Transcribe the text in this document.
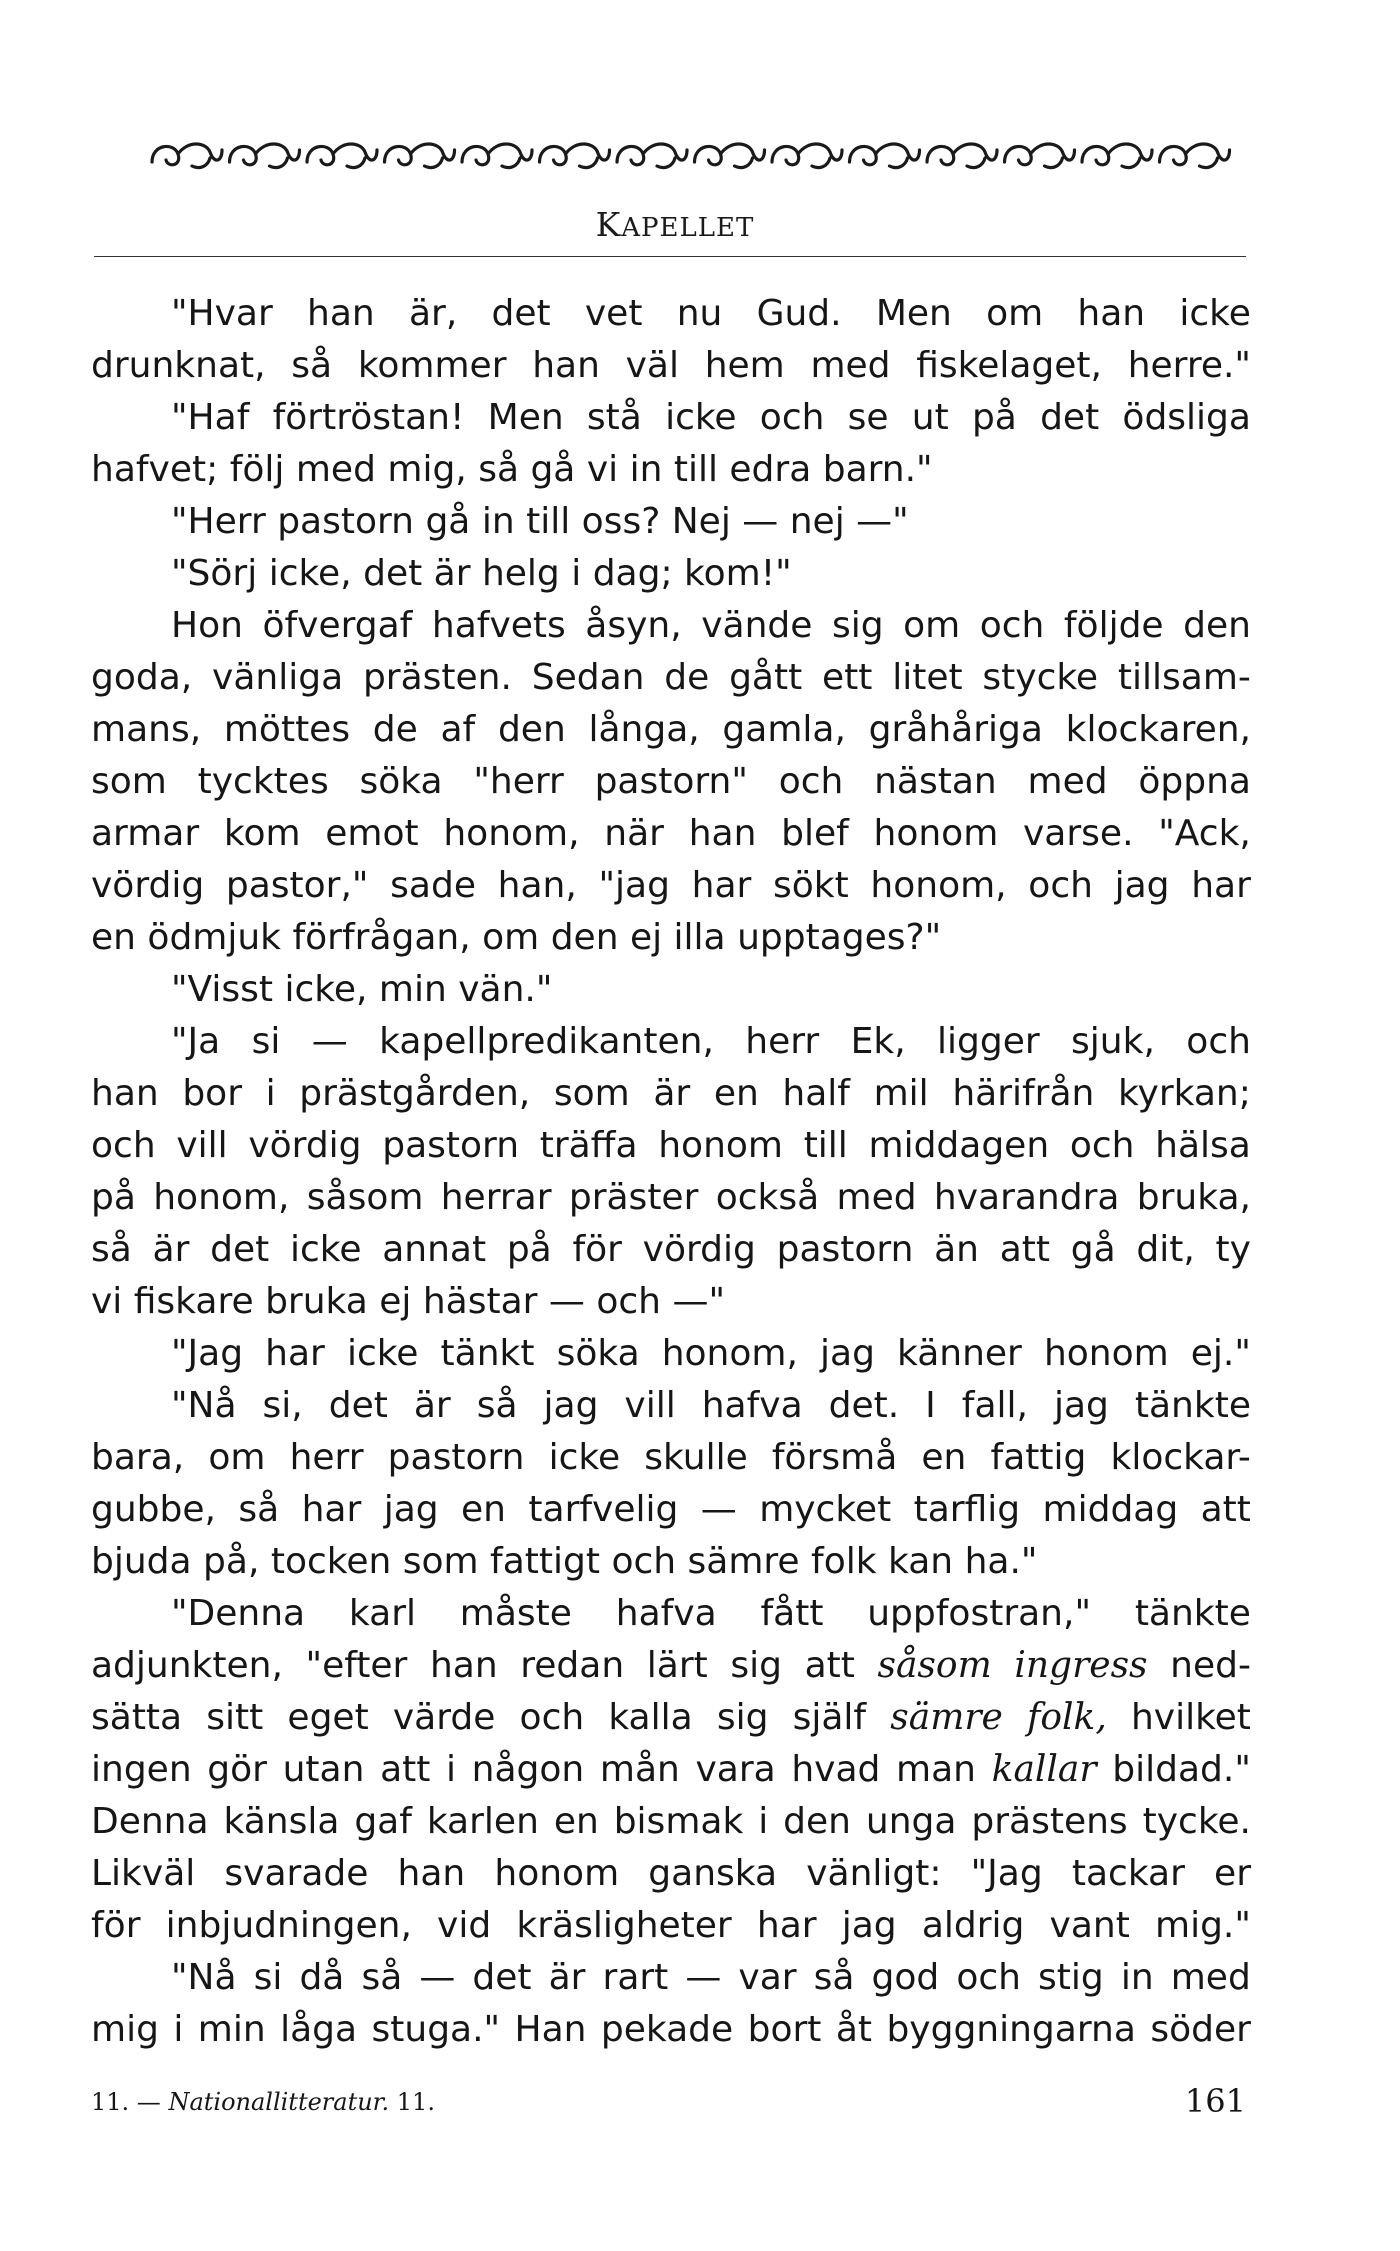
KAPELLET
"Hvar han är, det vet nu Gud. Men om han icke
drunknat, så kommer han väl hem med fiskelaget, herre."
"Haf förtröstan! Men stå icke och se ut på det ödsliga
hafvet; följ med mig, så gå vi in till edra barn."
"Herr pastorn gå in till oss? Nej — nej —"
"Sörj icke, det är helg i dag; kom!"
Hon öfvergaf hafvets åsyn, vände sig om och följde den
goda, vänliga prästen. Sedan de gått ett litet stycke tillsam-
mans, möttes de af den långa, gamla, gråhåriga klockaren,
som tycktes söka "herr pastorn" och nästan med öppna
armar kom emot honom, när han blef honom varse. "Ack,
vördig pastor," sade han, "jag har sökt honom, och jag har
en ödmjuk förfrågan, om den ej illa upptages?"
"Visst icke, min vän."
"Ja si — kapellpredikanten, herr Ek, ligger sjuk, och
han bor i prästgården, som är en half mil härifrån kyrkan;
och vill vördig pastorn träffa honom till middagen och hälsa
på honom, såsom herrar präster också med hvarandra bruka,
så är det icke annat på för vördig pastorn än att gå dit, ty
vi fiskare bruka ej hästar — och —"
"Jag har icke tänkt söka honom, jag känner honom ej."
"Nå si, det är så jag vill hafva det. I fall, jag tänkte
bara, om herr pastorn icke skulle försmå en fattig klockar-
gubbe, så har jag en tarfvelig — mycket tarflig middag att
bjuda på, tocken som fattigt och sämre folk kan ha."
"Denna karl måste hafva fått uppfostran," tänkte
adjunkten, "efter han redan lärt sig att såsom ingress ned-
sätta sitt eget värde och kalla sig själf sämre folk, hvilket
ingen gör utan att i någon mån vara hvad man kallar bildad."
Denna känsla gaf karlen en bismak i den unga prästens tycke.
Likväl svarade han honom ganska vänligt: "Jag tackar er
för inbjudningen, vid kräsligheter har jag aldrig vant mig."
"Nå si då så — det är rart — var så god och stig in med
mig i min låga stuga." Han pekade bort åt byggningarna söder
11. — Nationallitteratur. 11.	161
